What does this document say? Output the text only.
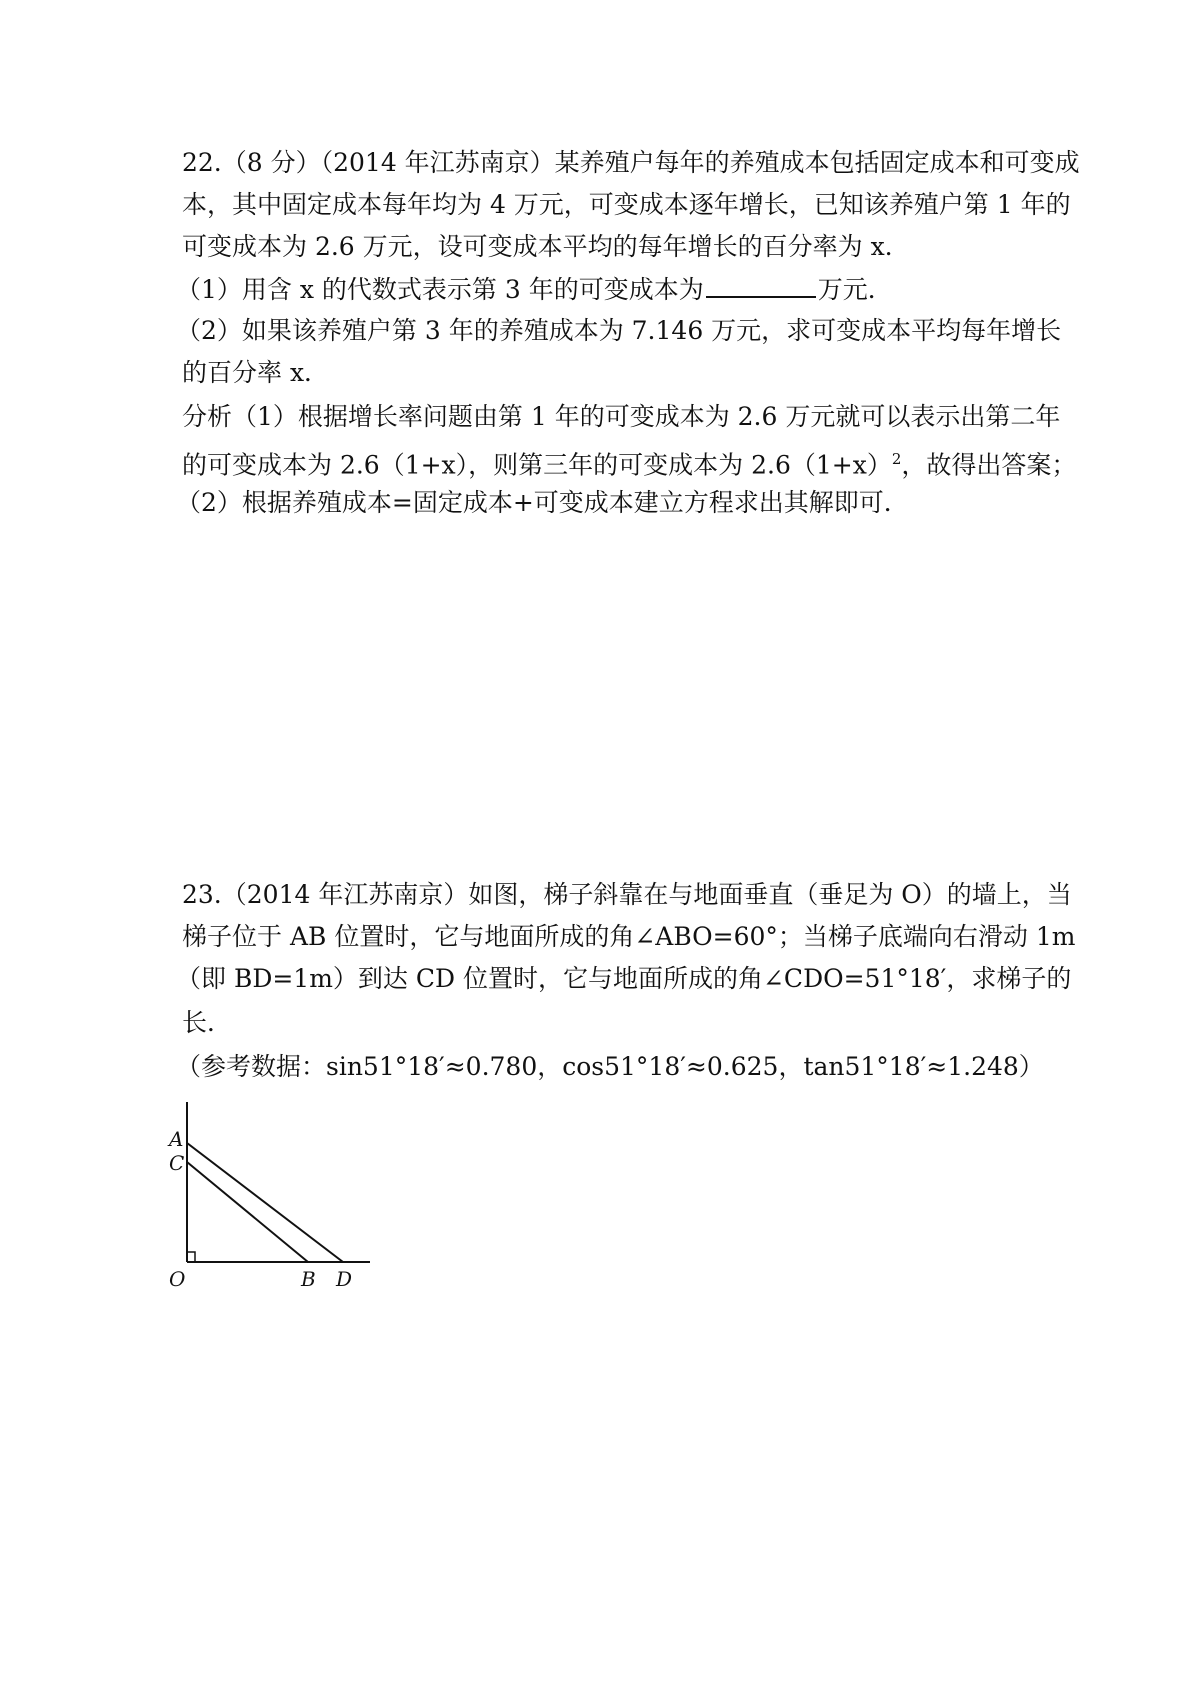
22.（8 分）（2014 年江苏南京）某养殖户每年的养殖成本包括固定成本和可变成
本，其中固定成本每年均为 4 万元，可变成本逐年增长，已知该养殖户第 1 年的
可变成本为 2.6 万元，设可变成本平均的每年增长的百分率为 x．
（1）用含 x 的代数式表示第 3 年的可变成本为	万元．
（2）如果该养殖户第 3 年的养殖成本为 7.146 万元，求可变成本平均每年增长
的百分率 x．
分析（1）根据增长率问题由第 1 年的可变成本为 2.6 万元就可以表示出第二年
的可变成本为 2.6（1+x），则第三年的可变成本为 $2.6(1+x)^2$，故得出答案；
（2）根据养殖成本=固定成本+可变成本建立方程求出其解即可．
23.（2014 年江苏南京）如图，梯子斜靠在与地面垂直（垂足为 O）的墙上，当
梯子位于 AB 位置时，它与地面所成的角∠ABO=60°；当梯子底端向右滑动 1m
（即 BD=1m）到达 CD 位置时，它与地面所成的角∠CDO=51°18′，求梯子的
长．
（参考数据：sin51°18′≈0.780，cos51°18′≈0.625，tan51°18′≈1.248）
A
C
O	B D
